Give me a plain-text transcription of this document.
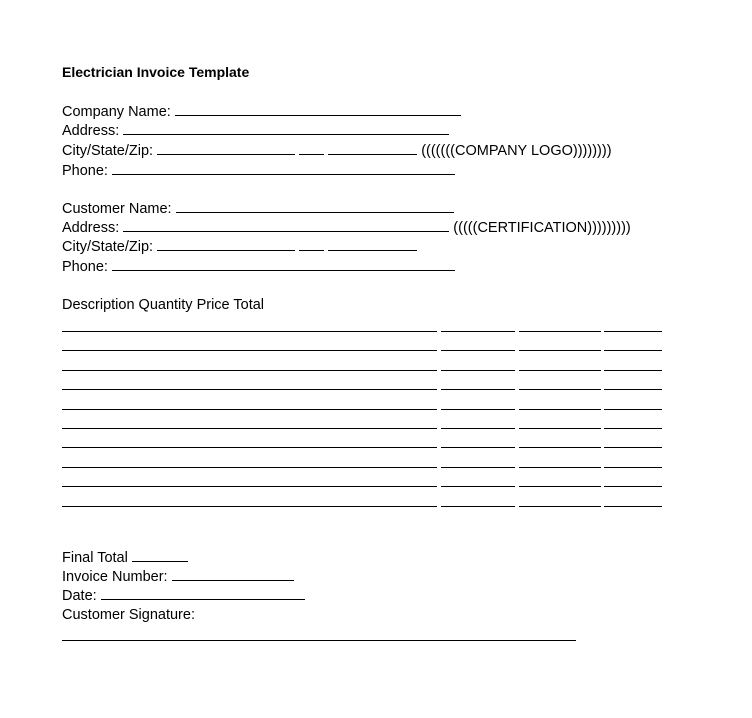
Electrician Invoice Template
Company Name:
Address:
City/State/Zip:	(((((((COMPANY LOGO))))))))
Phone:
Customer Name:
Address:	(((((CERTIFICATION)))))))))
City/State/Zip:
Phone:
Description Quantity Price Total
Final Total
Invoice Number:
Date:
Customer Signature:
